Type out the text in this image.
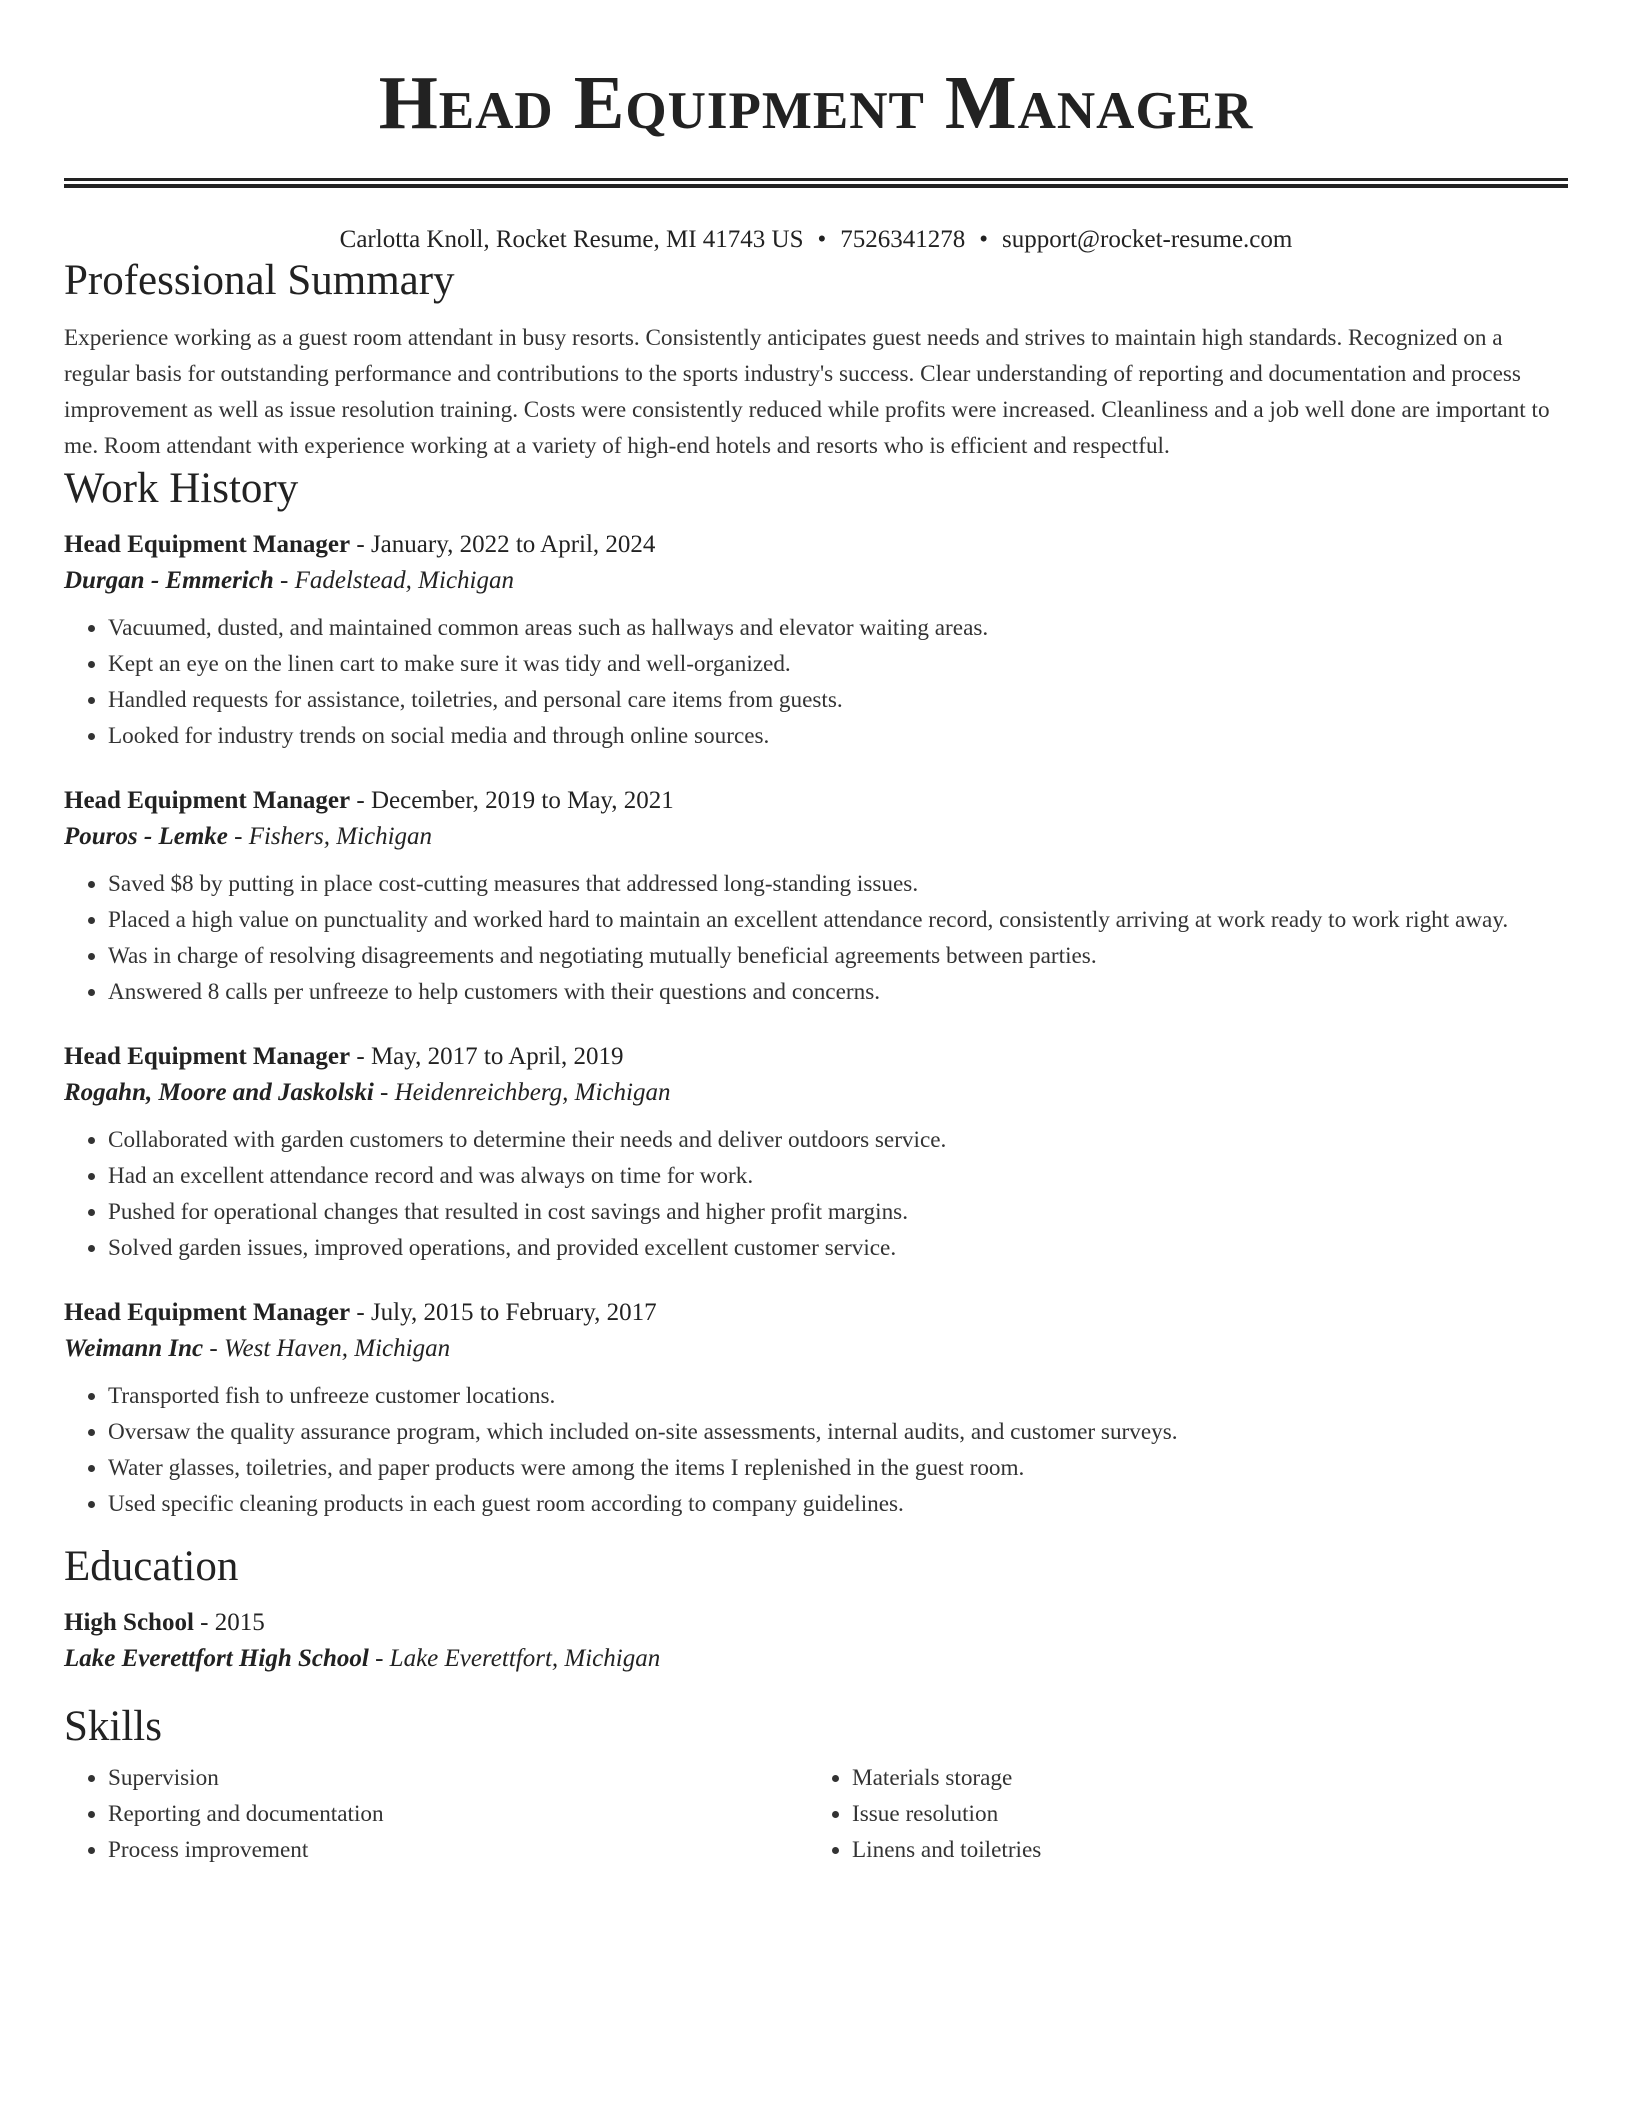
Head Equipment Manager
Carlotta Knoll, Rocket Resume, MI 41743 US • 7526341278 • support@rocket-resume.com
Professional Summary
Experience working as a guest room attendant in busy resorts. Consistently anticipates guest needs and strives to maintain high standards. Recognized on a regular basis for outstanding performance and contributions to the sports industry's success. Clear understanding of reporting and documentation and process improvement as well as issue resolution training. Costs were consistently reduced while profits were increased. Cleanliness and a job well done are important to me. Room attendant with experience working at a variety of high-end hotels and resorts who is efficient and respectful.
Work History
Head Equipment Manager - January, 2022 to April, 2024
Durgan - Emmerich - Fadelstead, Michigan
• Vacuumed, dusted, and maintained common areas such as hallways and elevator waiting areas.
• Kept an eye on the linen cart to make sure it was tidy and well-organized.
• Handled requests for assistance, toiletries, and personal care items from guests.
• Looked for industry trends on social media and through online sources.
Head Equipment Manager - December, 2019 to May, 2021
Pouros - Lemke - Fishers, Michigan
• Saved $8 by putting in place cost-cutting measures that addressed long-standing issues.
• Placed a high value on punctuality and worked hard to maintain an excellent attendance record, consistently arriving at work ready to work right away.
• Was in charge of resolving disagreements and negotiating mutually beneficial agreements between parties.
• Answered 8 calls per unfreeze to help customers with their questions and concerns.
Head Equipment Manager - May, 2017 to April, 2019
Rogahn, Moore and Jaskolski - Heidenreichberg, Michigan
• Collaborated with garden customers to determine their needs and deliver outdoors service.
• Had an excellent attendance record and was always on time for work.
• Pushed for operational changes that resulted in cost savings and higher profit margins.
• Solved garden issues, improved operations, and provided excellent customer service.
Head Equipment Manager - July, 2015 to February, 2017
Weimann Inc - West Haven, Michigan
• Transported fish to unfreeze customer locations.
• Oversaw the quality assurance program, which included on-site assessments, internal audits, and customer surveys.
• Water glasses, toiletries, and paper products were among the items I replenished in the guest room.
• Used specific cleaning products in each guest room according to company guidelines.
Education
High School - 2015
Lake Everettfort High School - Lake Everettfort, Michigan
Skills
• Supervision
• Reporting and documentation
• Process improvement
• Materials storage
• Issue resolution
• Linens and toiletries
